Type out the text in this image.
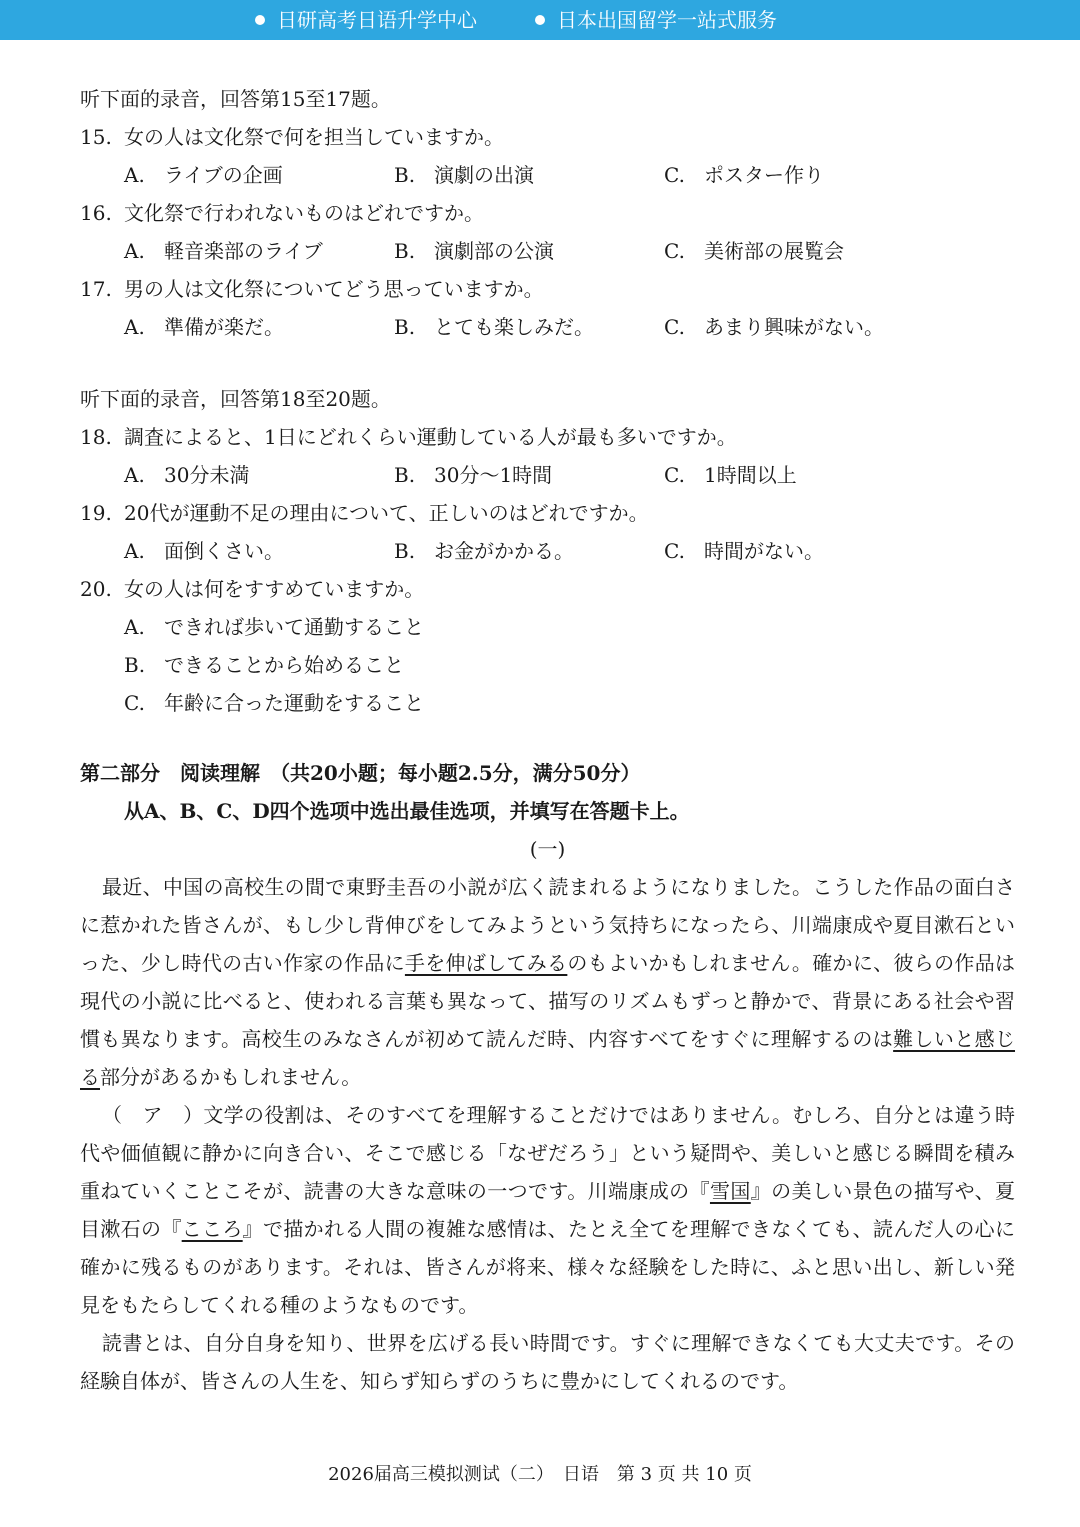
日研高考日语升学中心	日本出国留学一站式服务
听下面的录音，回答第15至17题。
15. 女の人は文化祭で何を担当していますか。
A. ライブの企画	B. 演劇の出演	C. ポスター作り
16. 文化祭で行われないものはどれですか。
A. 軽音楽部のライブ	B. 演劇部の公演	C. 美術部の展覧会
17. 男の人は文化祭についてどう思っていますか。
A. 準備が楽だ。	B. とても楽しみだ。	C. あまり興味がない。
听下面的录音，回答第18至20题。
18. 調査によると、1日にどれくらい運動している人が最も多いですか。
A. 30分未満	B. 30分～1時間	C. 1時間以上
19. 20代が運動不足の理由について、正しいのはどれですか。
A. 面倒くさい。	B. お金がかかる。	C. 時間がない。
20. 女の人は何をすすめていますか。
A. できれば歩いて通勤すること
B. できることから始めること
C. 年齢に合った運動をすること
第二部分　阅读理解　（共20小题；每小题2.5分，满分50分）
从A、B、C、D四个选项中选出最佳选项，并填写在答题卡上。
(一)

最近、中国の高校生の間で東野圭吾の小説が広く読まれるようになりました。こうした作品の面白さに惹かれた皆さんが、もし少し背伸びをしてみようという気持ちになったら、川端康成や夏目漱石といった、少し時代の古い作家の作品に手を伸ばしてみるのもよいかもしれません。確かに、彼らの作品は現代の小説に比べると、使われる言葉も異なって、描写のリズムもずっと静かで、背景にある社会や習慣も異なります。高校生のみなさんが初めて読んだ時、内容すべてをすぐに理解するのは難しいと感じる部分があるかもしれません。

（　ア　）文学の役割は、そのすべてを理解することだけではありません。むしろ、自分とは違う時代や価値観に静かに向き合い、そこで感じる「なぜだろう」という疑問や、美しいと感じる瞬間を積み重ねていくことこそが、読書の大きな意味の一つです。川端康成の『雪国』の美しい景色の描写や、夏目漱石の『こころ』で描かれる人間の複雑な感情は、たとえ全てを理解できなくても、読んだ人の心に確かに残るものがあります。それは、皆さんが将来、様々な経験をした時に、ふと思い出し、新しい発見をもたらしてくれる種のようなものです。

読書とは、自分自身を知り、世界を広げる長い時間です。すぐに理解できなくても大丈夫です。その経験自体が、皆さんの人生を、知らず知らずのうちに豊かにしてくれるのです。

2026届高三模拟测试（二）　日语　第 3 页 共 10 页
